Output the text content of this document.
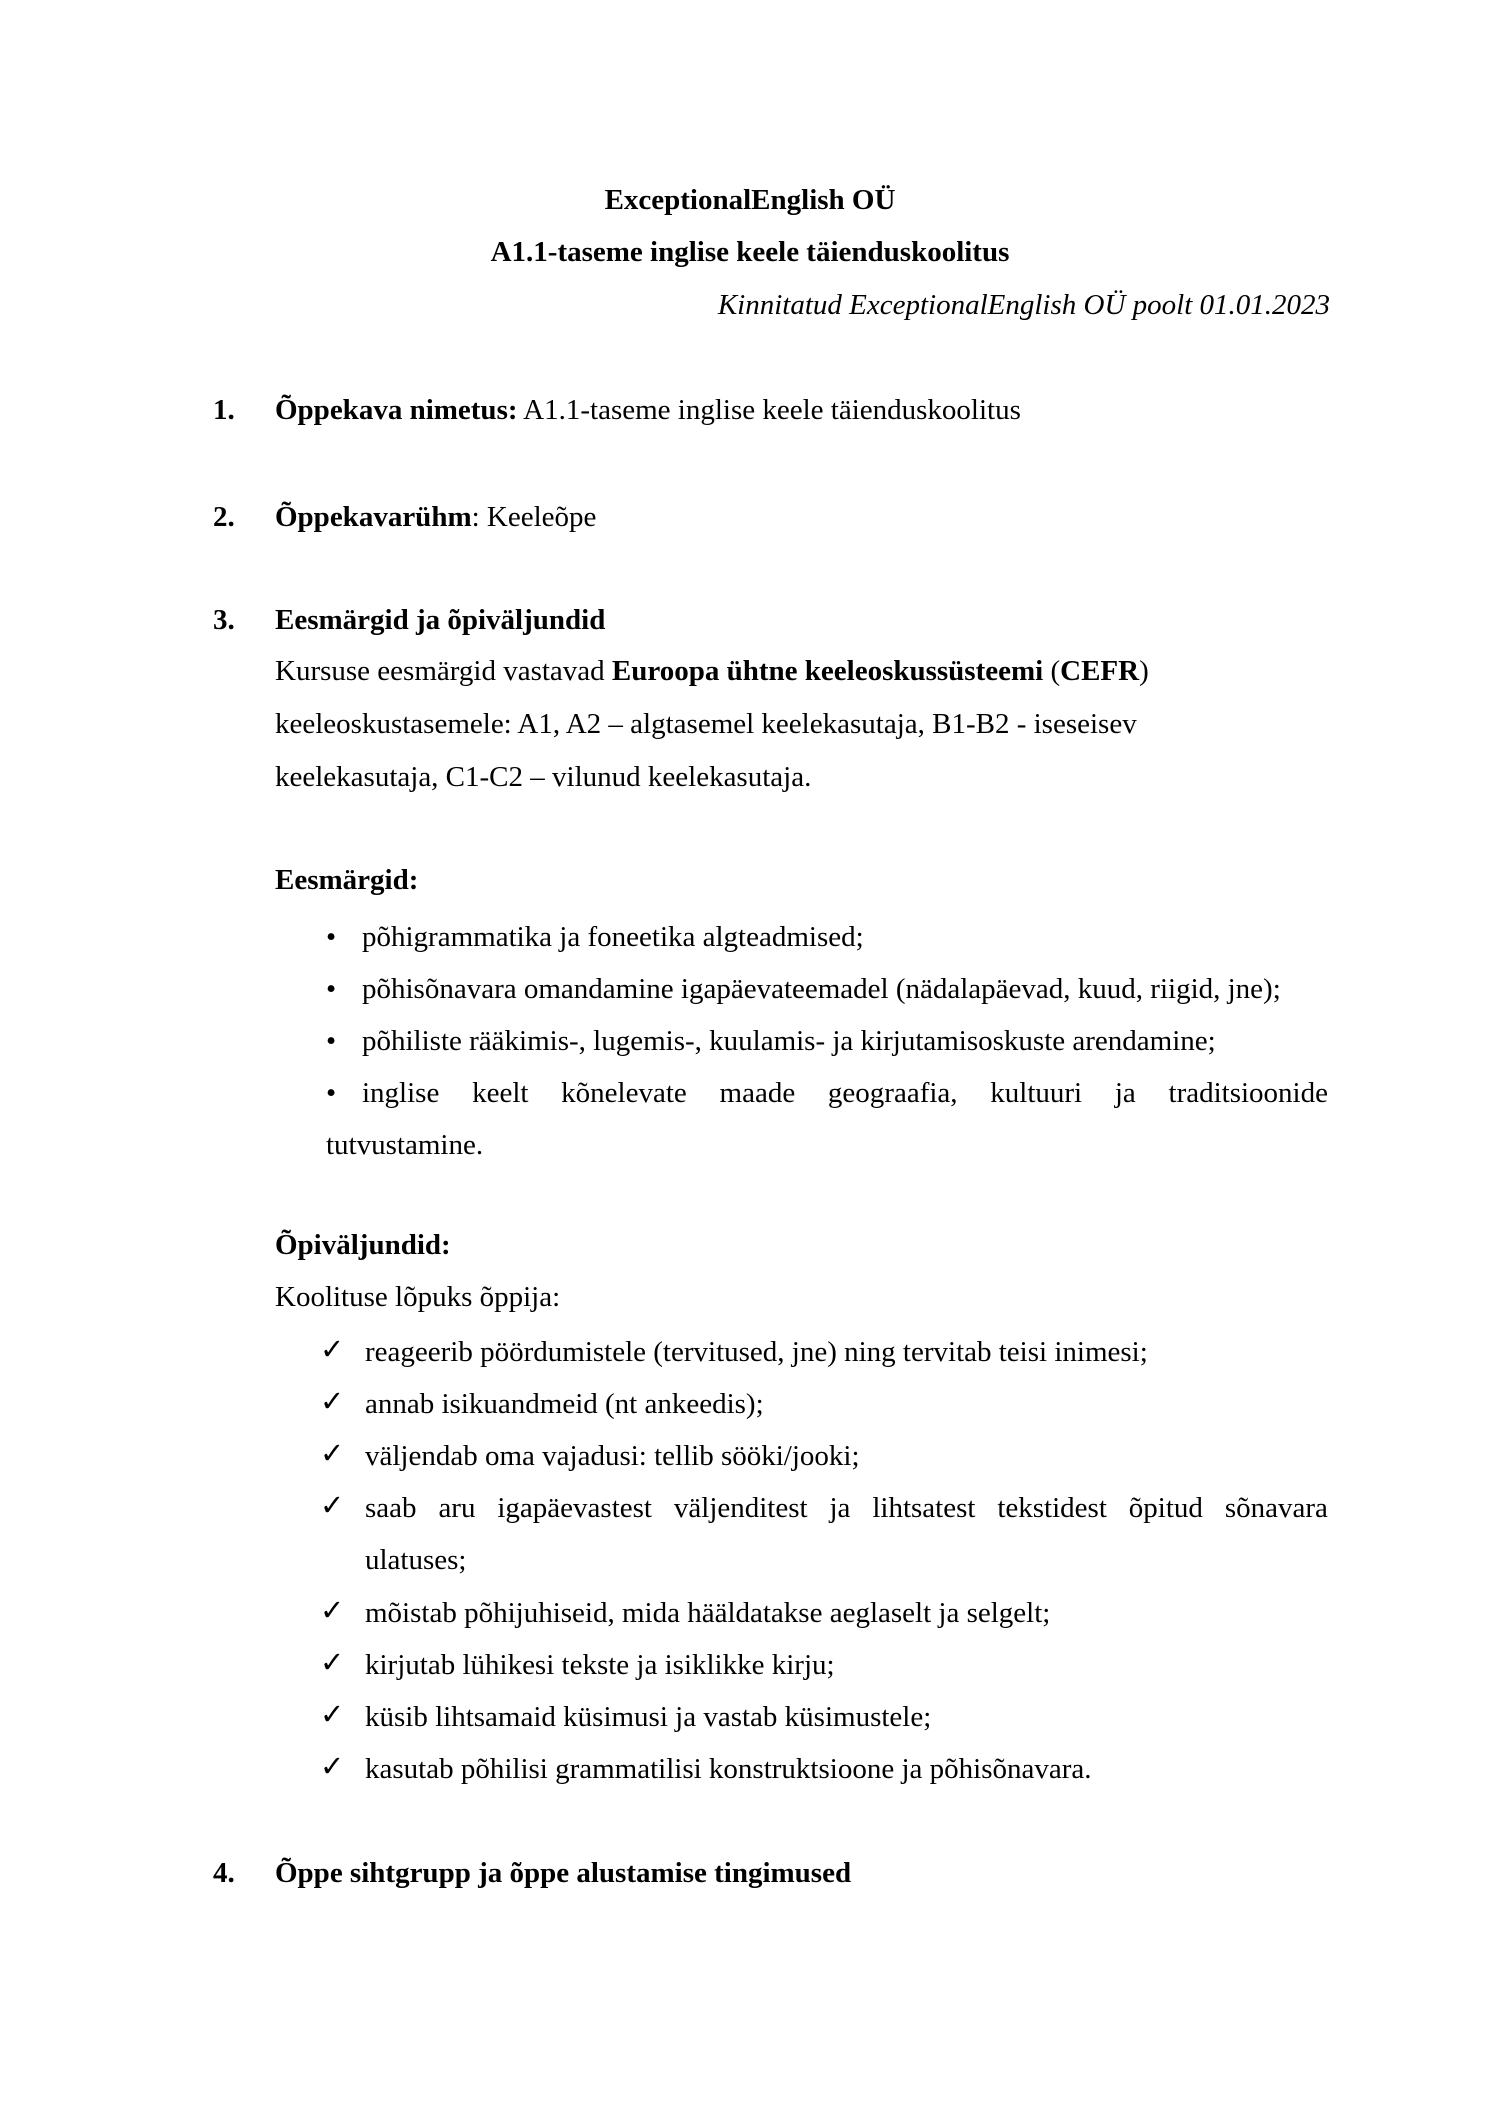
ExceptionalEnglish OÜ
A1.1-taseme inglise keele täienduskoolitus
Kinnitatud ExceptionalEnglish OÜ poolt 01.01.2023
1. Õppekava nimetus: A1.1-taseme inglise keele täienduskoolitus
2. Õppekavarühm: Keeleõpe
3. Eesmärgid ja õpiväljundid
Kursuse eesmärgid vastavad Euroopa ühtne keeleoskussüsteemi (CEFR)
keeleoskustasemele: A1, A2 – algtasemel keelekasutaja, B1-B2 - iseseisev
keelekasutaja, C1-C2 – vilunud keelekasutaja.
Eesmärgid:
• põhigrammatika ja foneetika algteadmised;
• põhisõnavara omandamine igapäevateemadel (nädalapäevad, kuud, riigid, jne);
• põhiliste rääkimis-, lugemis-, kuulamis- ja kirjutamisoskuste arendamine;
• inglise keelt kõnelevate maade geograafia, kultuuri ja traditsioonide
tutvustamine.
Õpiväljundid:
Koolituse lõpuks õppija:
✓ reageerib pöördumistele (tervitused, jne) ning tervitab teisi inimesi;
✓ annab isikuandmeid (nt ankeedis);
✓ väljendab oma vajadusi: tellib sööki/jooki;
✓ saab aru igapäevastest väljenditest ja lihtsatest tekstidest õpitud sõnavara
ulatuses;
✓ mõistab põhijuhiseid, mida hääldatakse aeglaselt ja selgelt;
✓ kirjutab lühikesi tekste ja isiklikke kirju;
✓ küsib lihtsamaid küsimusi ja vastab küsimustele;
✓ kasutab põhilisi grammatilisi konstruktsioone ja põhisõnavara.
4. Õppe sihtgrupp ja õppe alustamise tingimused
